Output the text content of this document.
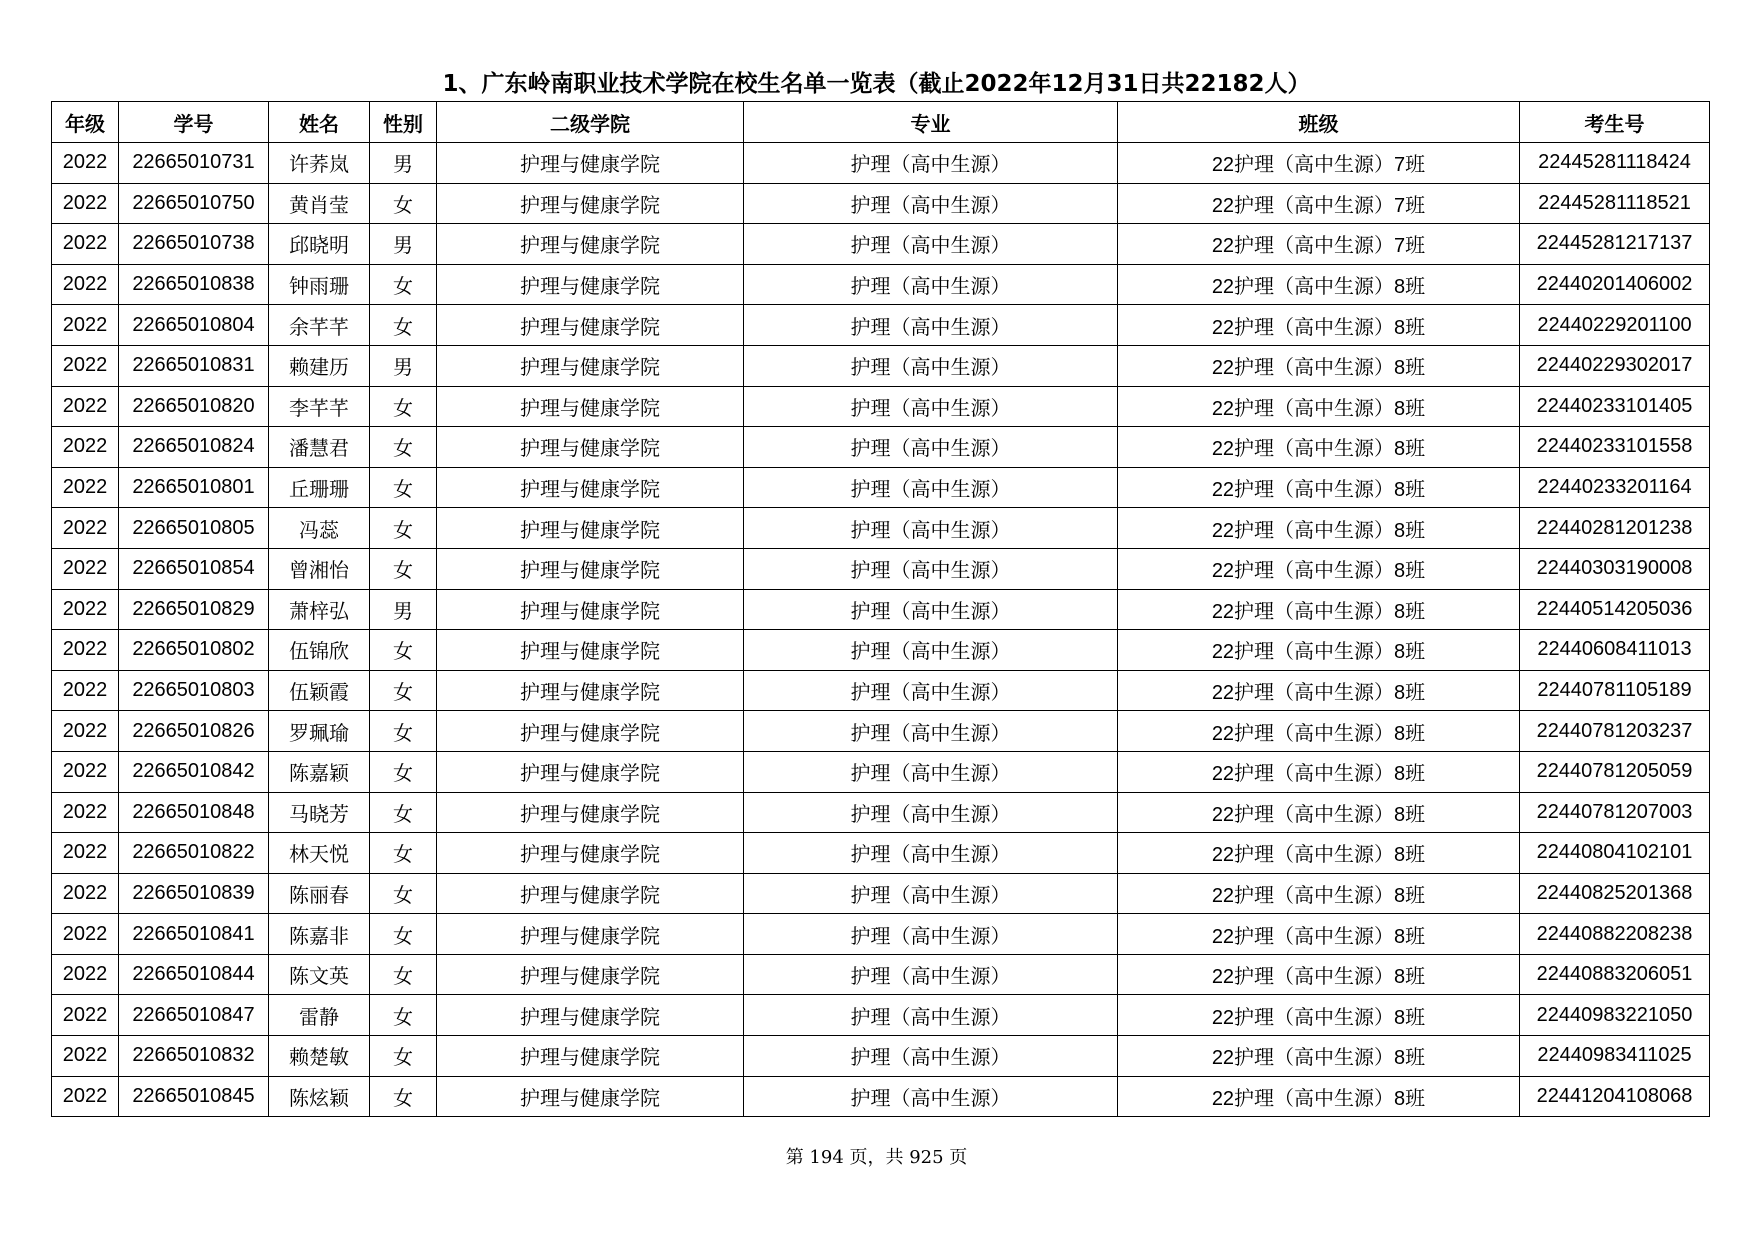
1、广东岭南职业技术学院在校生名单一览表（截止2022年12月31日共22182人）
年级	学号	姓名	性别	二级学院	专业	班级	考生号
2022	22665010731	许荞岚	男	护理与健康学院	护理（高中生源）	22护理（高中生源）7班	22445281118424
2022	22665010750	黄肖莹	女	护理与健康学院	护理（高中生源）	22护理（高中生源）7班	22445281118521
2022	22665010738	邱晓明	男	护理与健康学院	护理（高中生源）	22护理（高中生源）7班	22445281217137
2022	22665010838	钟雨珊	女	护理与健康学院	护理（高中生源）	22护理（高中生源）8班	22440201406002
2022	22665010804	余芊芊	女	护理与健康学院	护理（高中生源）	22护理（高中生源）8班	22440229201100
2022	22665010831	赖建历	男	护理与健康学院	护理（高中生源）	22护理（高中生源）8班	22440229302017
2022	22665010820	李芊芊	女	护理与健康学院	护理（高中生源）	22护理（高中生源）8班	22440233101405
2022	22665010824	潘慧君	女	护理与健康学院	护理（高中生源）	22护理（高中生源）8班	22440233101558
2022	22665010801	丘珊珊	女	护理与健康学院	护理（高中生源）	22护理（高中生源）8班	22440233201164
2022	22665010805	冯蕊	女	护理与健康学院	护理（高中生源）	22护理（高中生源）8班	22440281201238
2022	22665010854	曾湘怡	女	护理与健康学院	护理（高中生源）	22护理（高中生源）8班	22440303190008
2022	22665010829	萧梓弘	男	护理与健康学院	护理（高中生源）	22护理（高中生源）8班	22440514205036
2022	22665010802	伍锦欣	女	护理与健康学院	护理（高中生源）	22护理（高中生源）8班	22440608411013
2022	22665010803	伍颖霞	女	护理与健康学院	护理（高中生源）	22护理（高中生源）8班	22440781105189
2022	22665010826	罗珮瑜	女	护理与健康学院	护理（高中生源）	22护理（高中生源）8班	22440781203237
2022	22665010842	陈嘉颖	女	护理与健康学院	护理（高中生源）	22护理（高中生源）8班	22440781205059
2022	22665010848	马晓芳	女	护理与健康学院	护理（高中生源）	22护理（高中生源）8班	22440781207003
2022	22665010822	林天悦	女	护理与健康学院	护理（高中生源）	22护理（高中生源）8班	22440804102101
2022	22665010839	陈丽春	女	护理与健康学院	护理（高中生源）	22护理（高中生源）8班	22440825201368
2022	22665010841	陈嘉非	女	护理与健康学院	护理（高中生源）	22护理（高中生源）8班	22440882208238
2022	22665010844	陈文英	女	护理与健康学院	护理（高中生源）	22护理（高中生源）8班	22440883206051
2022	22665010847	雷静	女	护理与健康学院	护理（高中生源）	22护理（高中生源）8班	22440983221050
2022	22665010832	赖楚敏	女	护理与健康学院	护理（高中生源）	22护理（高中生源）8班	22440983411025
2022	22665010845	陈炫颖	女	护理与健康学院	护理（高中生源）	22护理（高中生源）8班	22441204108068
第 194 页，共 925 页
